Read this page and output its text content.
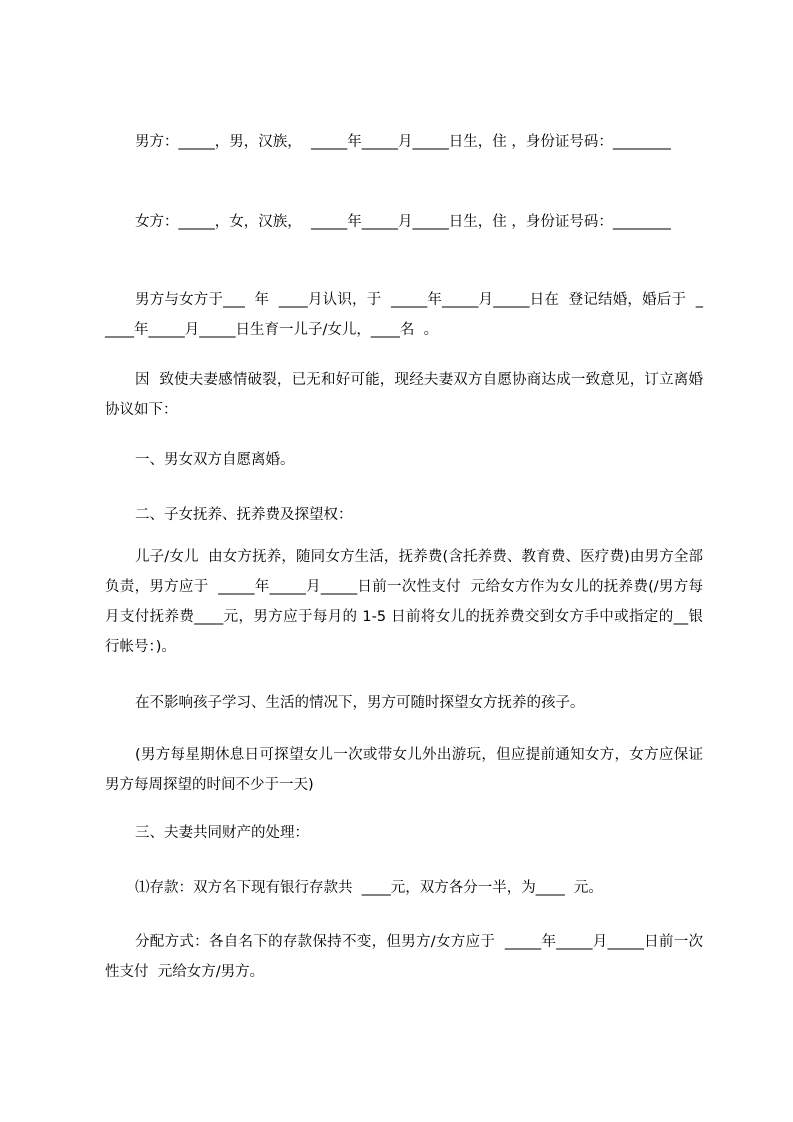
男方：_____，男，汉族，  _____年_____月_____日生，住 ，身份证号码：________

女方：_____，女，汉族，  _____年_____月_____日生，住 ，身份证号码：________

男方与女方于___  年  ____月认识，于  _____年_____月_____日在  登记结婚，婚后于  _____年_____月_____日生育一儿子/女儿，____名  。

因  致使夫妻感情破裂，已无和好可能，现经夫妻双方自愿协商达成一致意见，订立离婚协议如下：

一、男女双方自愿离婚。

二、子女抚养、抚养费及探望权：

儿子/女儿  由女方抚养，随同女方生活，抚养费(含托养费、教育费、医疗费)由男方全部负责，男方应于  _____年_____月_____日前一次性支付  元给女方作为女儿的抚养费(/男方每月支付抚养费____元，男方应于每月的 1-5 日前将女儿的抚养费交到女方手中或指定的__银行帐号：)。

在不影响孩子学习、生活的情况下，男方可随时探望女方抚养的孩子。

(男方每星期休息日可探望女儿一次或带女儿外出游玩，但应提前通知女方，女方应保证男方每周探望的时间不少于一天)

三、夫妻共同财产的处理：

⑴存款：双方名下现有银行存款共  ____元，双方各分一半，为____  元。

分配方式：各自名下的存款保持不变，但男方/女方应于  _____年_____月_____日前一次性支付  元给女方/男方。
